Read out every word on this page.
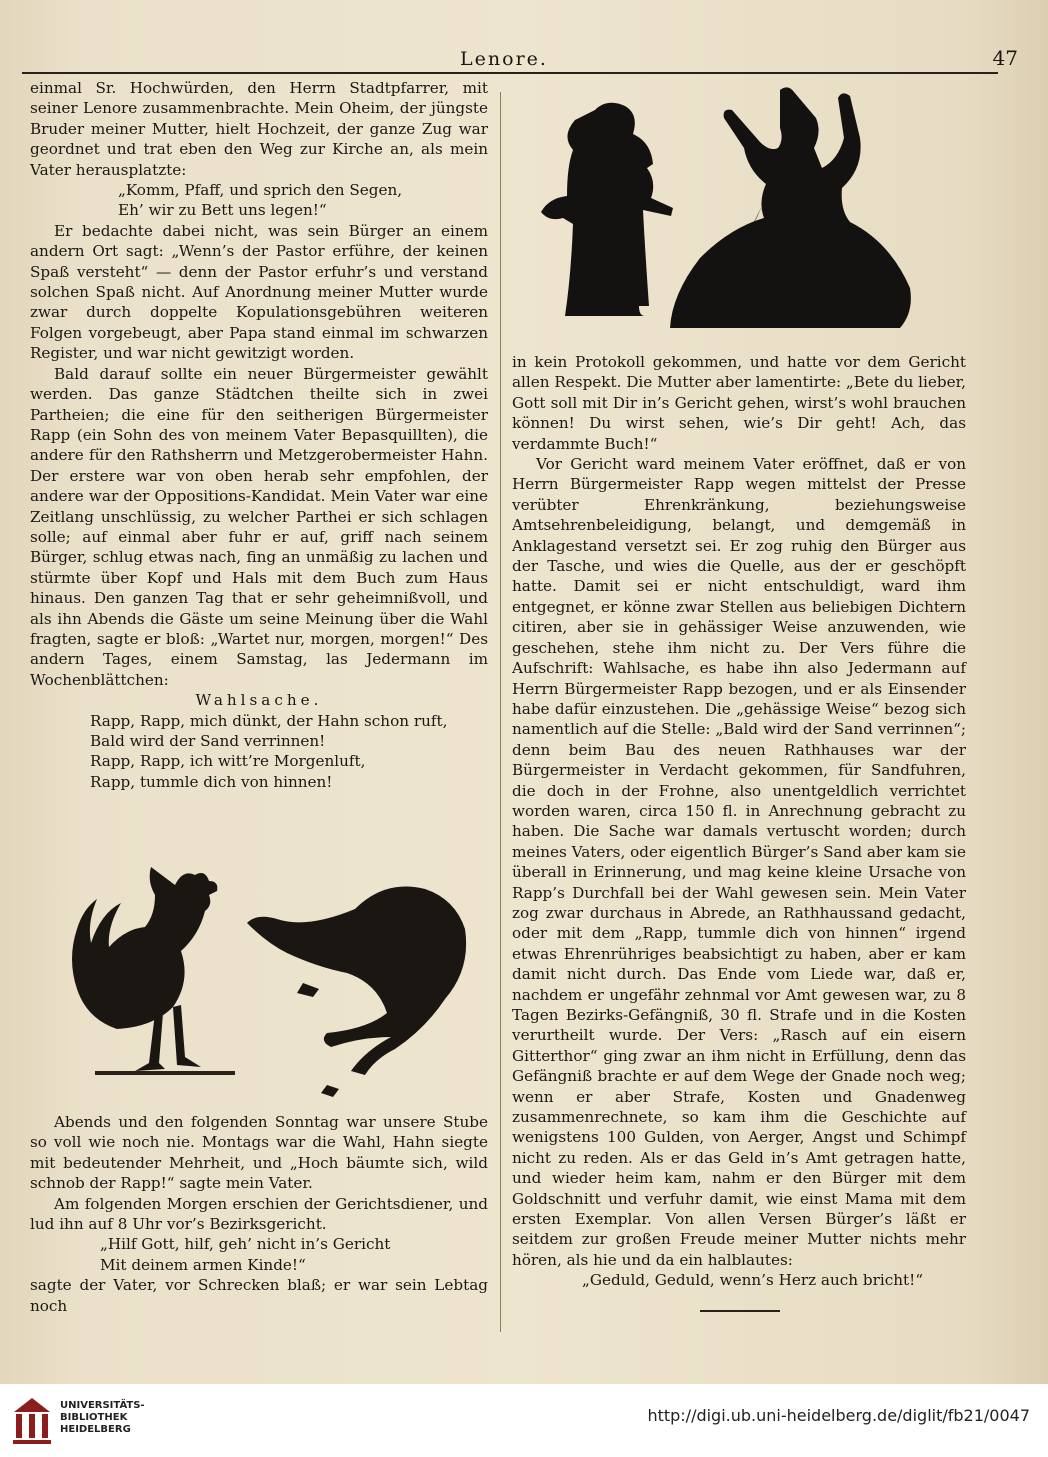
Lenore.	47

einmal Sr. Hochwürden, den Herrn Stadtpfarrer, mit seiner Lenore zusammenbrachte. Mein Oheim, der jüngste Bruder meiner Mutter, hielt Hochzeit, der ganze Zug war geordnet und trat eben den Weg zur Kirche an, als mein Vater herausplatzte:

„Komm, Pfaff, und sprich den Segen,

Eh’ wir zu Bett uns legen!“

Er bedachte dabei nicht, was sein Bürger an einem andern Ort sagt: „Wenn’s der Pastor erführe, der keinen Spaß versteht“ — denn der Pastor erfuhr’s und verstand solchen Spaß nicht. Auf Anordnung meiner Mutter wurde zwar durch doppelte Kopulationsgebühren weiteren Folgen vorgebeugt, aber Papa stand einmal im schwarzen Register, und war nicht gewitzigt worden.

Bald darauf sollte ein neuer Bürgermeister gewählt werden. Das ganze Städtchen theilte sich in zwei Partheien; die eine für den seitherigen Bürgermeister Rapp (ein Sohn des von meinem Vater Bepasquillten), die andere für den Rathsherrn und Metzgerobermeister Hahn. Der erstere war von oben herab sehr empfohlen, der andere war der Oppositions-Kandidat. Mein Vater war eine Zeitlang unschlüssig, zu welcher Parthei er sich schlagen solle; auf einmal aber fuhr er auf, griff nach seinem Bürger, schlug etwas nach, fing an unmäßig zu lachen und stürmte über Kopf und Hals mit dem Buch zum Haus hinaus. Den ganzen Tag that er sehr geheimnißvoll, und als ihn Abends die Gäste um seine Meinung über die Wahl fragten, sagte er bloß: „Wartet nur, morgen, morgen!“ Des andern Tages, einem Samstag, las Jedermann im Wochenblättchen:

Wahlsache.

Rapp, Rapp, mich dünkt, der Hahn schon ruft,

Bald wird der Sand verrinnen!

Rapp, Rapp, ich witt’re Morgenluft,

Rapp, tummle dich von hinnen!

Abends und den folgenden Sonntag war unsere Stube so voll wie noch nie. Montags war die Wahl, Hahn siegte mit bedeutender Mehrheit, und „Hoch bäumte sich, wild schnob der Rapp!“ sagte mein Vater.

Am folgenden Morgen erschien der Gerichtsdiener, und lud ihn auf 8 Uhr vor’s Bezirksgericht.

„Hilf Gott, hilf, geh’ nicht in’s Gericht

Mit deinem armen Kinde!“

sagte der Vater, vor Schrecken blaß; er war sein Lebtag noch

in kein Protokoll gekommen, und hatte vor dem Gericht allen Respekt. Die Mutter aber lamentirte: „Bete du lieber, Gott soll mit Dir in’s Gericht gehen, wirst’s wohl brauchen können! Du wirst sehen, wie’s Dir geht! Ach, das verdammte Buch!“

Vor Gericht ward meinem Vater eröffnet, daß er von Herrn Bürgermeister Rapp wegen mittelst der Presse verübter Ehrenkränkung, beziehungsweise Amtsehrenbeleidigung, belangt, und demgemäß in Anklagestand versetzt sei. Er zog ruhig den Bürger aus der Tasche, und wies die Quelle, aus der er geschöpft hatte. Damit sei er nicht entschuldigt, ward ihm entgegnet, er könne zwar Stellen aus beliebigen Dichtern citiren, aber sie in gehässiger Weise anzuwenden, wie geschehen, stehe ihm nicht zu. Der Vers führe die Aufschrift: Wahlsache, es habe ihn also Jedermann auf Herrn Bürgermeister Rapp bezogen, und er als Einsender habe dafür einzustehen. Die „gehässige Weise“ bezog sich namentlich auf die Stelle: „Bald wird der Sand verrinnen“; denn beim Bau des neuen Rathhauses war der Bürgermeister in Verdacht gekommen, für Sandfuhren, die doch in der Frohne, also unentgeldlich verrichtet worden waren, circa 150 fl. in Anrechnung gebracht zu haben. Die Sache war damals vertuscht worden; durch meines Vaters, oder eigentlich Bürger’s Sand aber kam sie überall in Erinnerung, und mag keine kleine Ursache von Rapp’s Durchfall bei der Wahl gewesen sein. Mein Vater zog zwar durchaus in Abrede, an Rathhaussand gedacht, oder mit dem „Rapp, tummle dich von hinnen“ irgend etwas Ehrenrühriges beabsichtigt zu haben, aber er kam damit nicht durch. Das Ende vom Liede war, daß er, nachdem er ungefähr zehnmal vor Amt gewesen war, zu 8 Tagen Bezirks-Gefängniß, 30 fl. Strafe und in die Kosten verurtheilt wurde. Der Vers: „Rasch auf ein eisern Gitterthor“ ging zwar an ihm nicht in Erfüllung, denn das Gefängniß brachte er auf dem Wege der Gnade noch weg; wenn er aber Strafe, Kosten und Gnadenweg zusammenrechnete, so kam ihm die Geschichte auf wenigstens 100 Gulden, von Aerger, Angst und Schimpf nicht zu reden. Als er das Geld in’s Amt getragen hatte, und wieder heim kam, nahm er den Bürger mit dem Goldschnitt und verfuhr damit, wie einst Mama mit dem ersten Exemplar. Von allen Versen Bürger’s läßt er seitdem zur großen Freude meiner Mutter nichts mehr hören, als hie und da ein halblautes:

„Geduld, Geduld, wenn’s Herz auch bricht!“

UNIVERSITÄTS-
BIBLIOTHEK
HEIDELBERG
http://digi.ub.uni-heidelberg.de/diglit/fb21/0047
